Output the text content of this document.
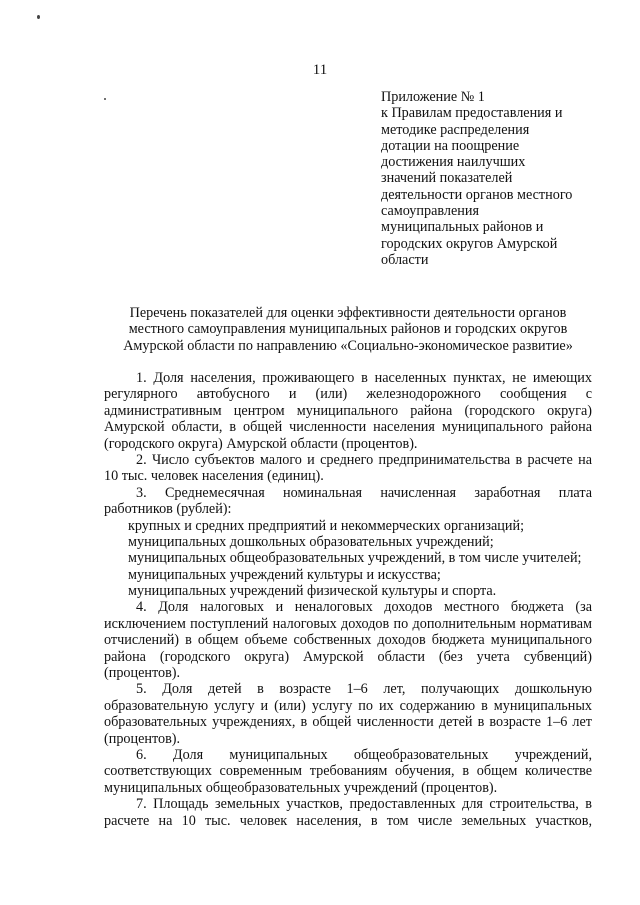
11
Приложение № 1
к Правилам предоставления и
методике распределения
дотации на поощрение
достижения наилучших
значений показателей
деятельности органов местного
самоуправления
муниципальных районов и
городских округов Амурской
области
Перечень показателей для оценки эффективности деятельности органов
местного самоуправления муниципальных районов и городских округов
Амурской области по направлению «Социально-экономическое развитие»
1. Доля населения, проживающего в населенных пунктах, не имеющих
регулярного автобусного и (или) железнодорожного сообщения с
административным центром муниципального района (городского округа)
Амурской области, в общей численности населения муниципального района
(городского округа) Амурской области (процентов).
2. Число субъектов малого и среднего предпринимательства в расчете на
10 тыс. человек населения (единиц).
3. Среднемесячная номинальная начисленная заработная плата
работников (рублей):
крупных и средних предприятий и некоммерческих организаций;
муниципальных дошкольных образовательных учреждений;
муниципальных общеобразовательных учреждений, в том числе учителей;
муниципальных учреждений культуры и искусства;
муниципальных учреждений физической культуры и спорта.
4. Доля налоговых и неналоговых доходов местного бюджета (за
исключением поступлений налоговых доходов по дополнительным нормативам
отчислений) в общем объеме собственных доходов бюджета муниципального
района (городского округа) Амурской области (без учета субвенций)
(процентов).
5. Доля детей в возрасте 1–6 лет, получающих дошкольную
образовательную услугу и (или) услугу по их содержанию в муниципальных
образовательных учреждениях, в общей численности детей в возрасте 1–6 лет
(процентов).
6. Доля муниципальных общеобразовательных учреждений,
соответствующих современным требованиям обучения, в общем количестве
муниципальных общеобразовательных учреждений (процентов).
7. Площадь земельных участков, предоставленных для строительства, в
расчете на 10 тыс. человек населения, в том числе земельных участков,
